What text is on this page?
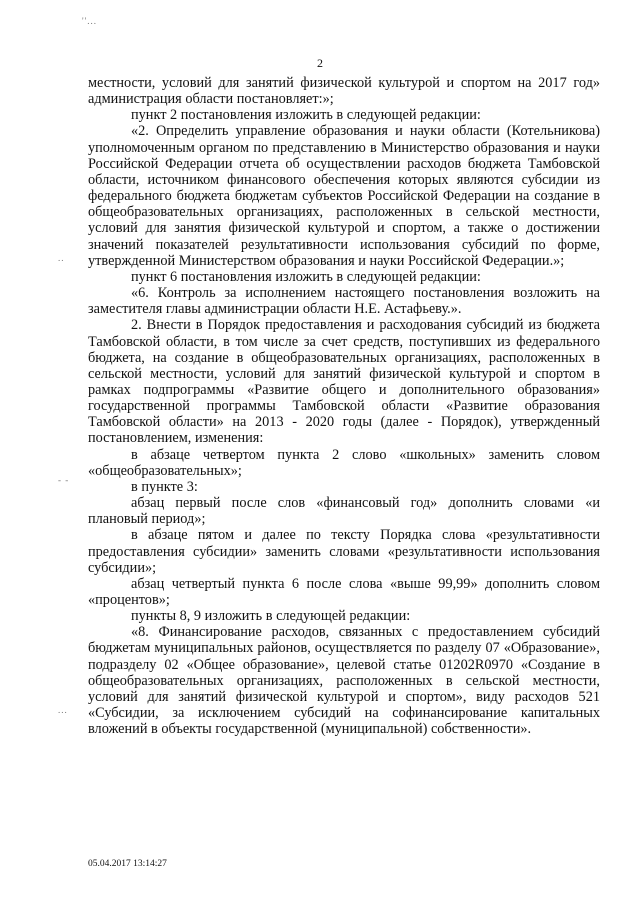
''...
..
- -
...
2

местности, условий для занятий физической культурой и спортом на 2017 год» администрация области постановляет:»;

пункт 2 постановления изложить в следующей редакции:

«2. Определить управление образования и науки области (Котельникова) уполномоченным органом по представлению в Министерство образования и науки Российской Федерации отчета об осуществлении расходов бюджета Тамбовской области, источником финансового обеспечения которых являются субсидии из федерального бюджета бюджетам субъектов Российской Федерации на создание в общеобразовательных организациях, расположенных в сельской местности, условий для занятия физической культурой и спортом, а также о достижении значений показателей результативности использования субсидий по форме, утвержденной Министерством образования и науки Российской Федерации.»;

пункт 6 постановления изложить в следующей редакции:

«6. Контроль за исполнением настоящего постановления возложить на заместителя главы администрации области Н.Е. Астафьеву.».

2. Внести в Порядок предоставления и расходования субсидий из бюджета Тамбовской области, в том числе за счет средств, поступивших из федерального бюджета, на создание в общеобразовательных организациях, расположенных в сельской местности, условий для занятий физической культурой и спортом в рамках подпрограммы «Развитие общего и дополнительного образования» государственной программы Тамбовской области «Развитие образования Тамбовской области» на 2013 - 2020 годы (далее - Порядок), утвержденный постановлением, изменения:

в абзаце четвертом пункта 2 слово «школьных» заменить словом «общеобразовательных»;

в пункте 3:

абзац первый после слов «финансовый год» дополнить словами «и плановый период»;

в абзаце пятом и далее по тексту Порядка слова «результативности предоставления субсидии» заменить словами «результативности использования субсидии»;

абзац четвертый пункта 6 после слова «выше 99,99» дополнить словом «процентов»;

пункты 8, 9 изложить в следующей редакции:

«8. Финансирование расходов, связанных с предоставлением субсидий бюджетам муниципальных районов, осуществляется по разделу 07 «Образование», подразделу 02 «Общее образование», целевой статье 01202R0970 «Создание в общеобразовательных организациях, расположенных в сельской местности, условий для занятий физической культурой и спортом», виду расходов 521 «Субсидии, за исключением субсидий на софинансирование капитальных вложений в объекты государственной (муниципальной) собственности».

05.04.2017 13:14:27
